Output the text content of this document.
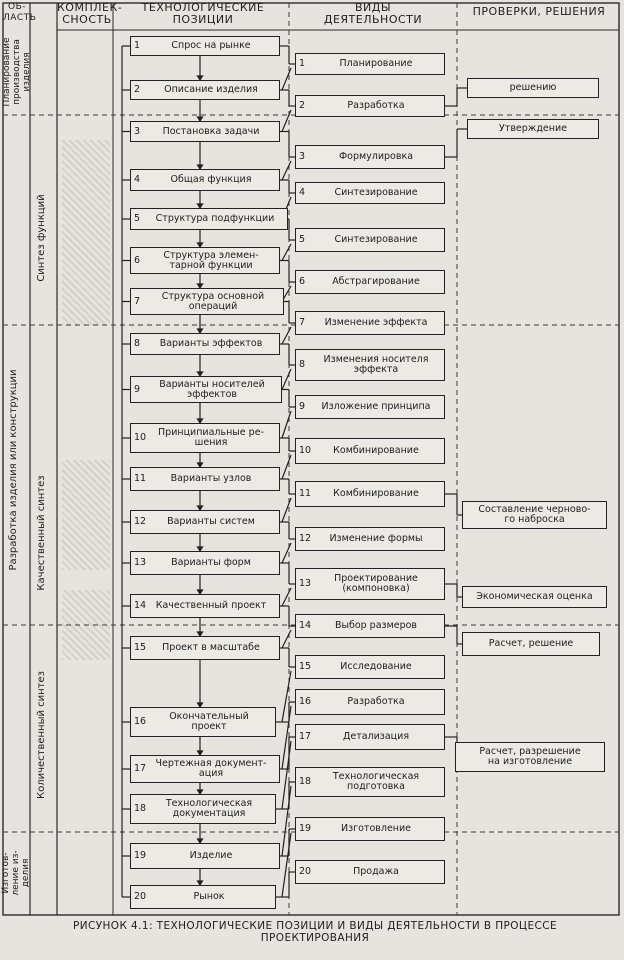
ОБ-
ЛАСТЬ
КОМПЛЕК-
СНОСТЬ
ТЕХНОЛОГИЧЕСКИЕ
ПОЗИЦИИ
ВИДЫ
ДЕЯТЕЛЬНОСТИ
ПРОВЕРКИ, РЕШЕНИЯ
Планирование
производства
изделия
Разработка изделия или конструкции
Изготов-
ление из-
делия
Синтез функций
Качественный синтез
Количественный синтез
1	Спрос на рынке
2	Описание изделия
3	Постановка задачи
4	Общая функция
5	Структура подфункции
6	Структура элемен-
тарной функции
7	Структура основной
операций
8	Варианты эффектов
9	Варианты носителей
эффектов
10	Принципиальные ре-
шения
11	Варианты узлов
12	Варианты систем
13	Варианты форм
14	Качественный проект
15	Проект в масштабе
16	Окончательный
проект
17 Чертежная документ-
ация
18	Технологическая
документация
19	Изделие
20	Рынок
1	Планирование
2	Разработка
3	Формулировка
4	Синтезирование
5	Синтезирование
6	Абстрагирование
7	Изменение эффекта
8	Изменения носителя
эффекта
9	Изложение принципа
10	Комбинирование
11	Комбинирование
12	Изменение формы
13	Проектирование
(компоновка)
14	Выбор размеров
15	Исследование
16	Разработка
17	Детализация
18	Технологическая
подготовка
19	Изготовление
20	Продажа
решению
Утверждение
Составление черново-
го наброска
Экономическая оценка
Расчет, решение
Расчет, разрешение
на изготовление
РИСУНОК 4.1: ТЕХНОЛОГИЧЕСКИЕ ПОЗИЦИИ И ВИДЫ ДЕЯТЕЛЬНОСТИ В ПРОЦЕССЕ
ПРОЕКТИРОВАНИЯ
